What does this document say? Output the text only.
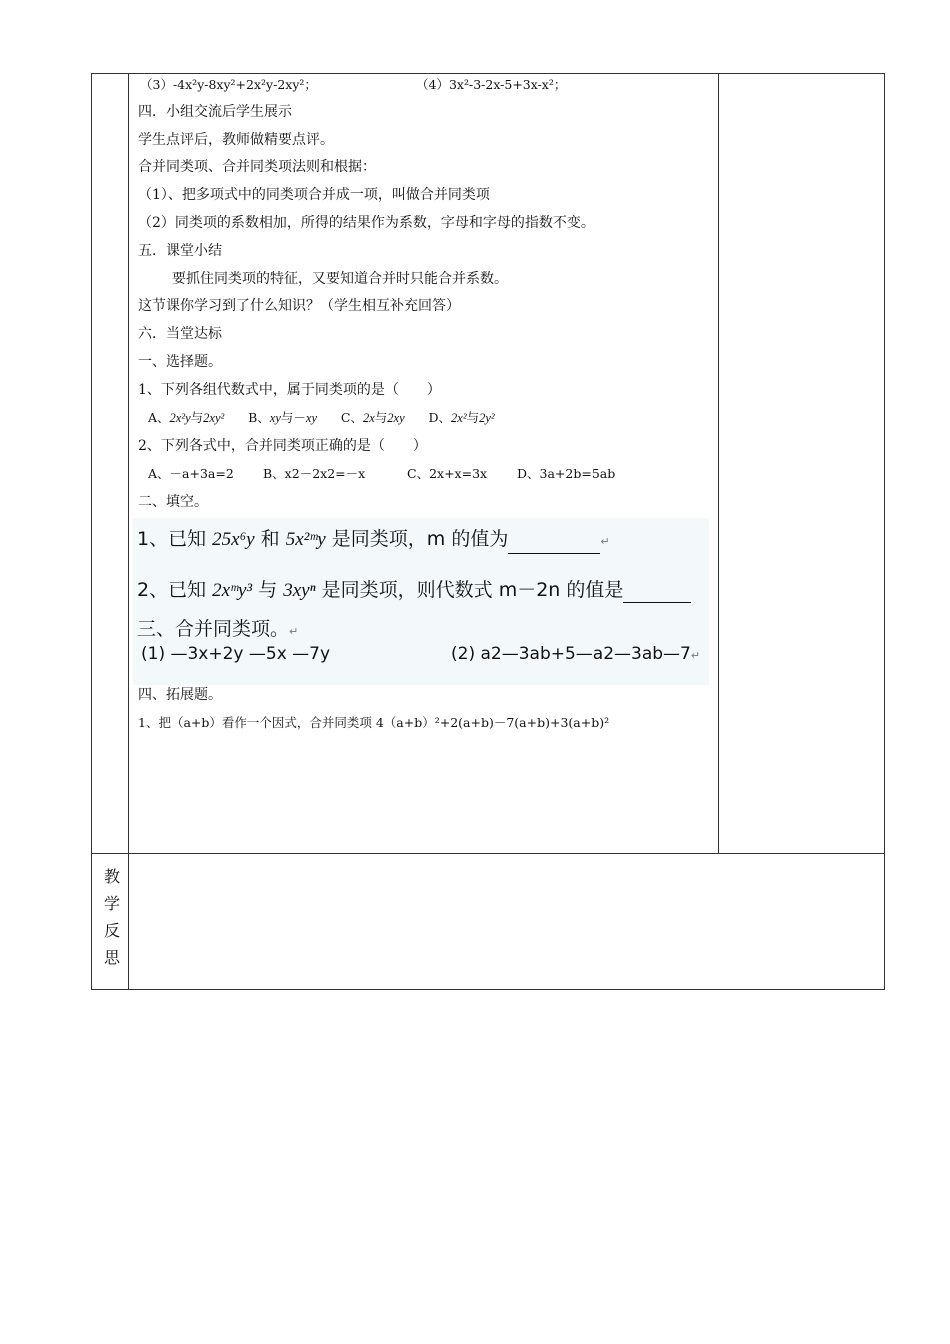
（3）-4x²y-8xy²+2x²y-2xy²；	（4）3x²-3-2x-5+3x-x²；
四．小组交流后学生展示
学生点评后，教师做精要点评。
合并同类项、合并同类项法则和根据：
（1）、把多项式中的同类项合并成一项，叫做合并同类项
（2）同类项的系数相加，所得的结果作为系数，字母和字母的指数不变。
五．课堂小结
要抓住同类项的特征，又要知道合并时只能合并系数。
这节课你学习到了什么知识？（学生相互补充回答）
六．当堂达标
一、选择题。
1、下列各组代数式中，属于同类项的是（　　）
A、2x²y与2xy² B、xy与－xy C、2x与2xy D、2x²与2y²
2、下列各式中，合并同类项正确的是（　　）
A、－a+3a=2 B、x2－2x2=－x	C、2x+x=3x D、3a+2b=5ab
二、填空。
1、已知 25x⁶y 和 5x²ᵐy 是同类项，m 的值为	↵
2、已知 2xᵐy³ 与 3xyⁿ 是同类项，则代数式 m－2n 的值是
三、合并同类项。↵
(1) —3x+2y —5x —7y	(2) a2—3ab+5—a2—3ab—7↵
四、拓展题。
1、把（a+b）看作一个因式，合并同类项 4（a+b）²+2(a+b)－7(a+b)+3(a+b)²
教
学
反
思
